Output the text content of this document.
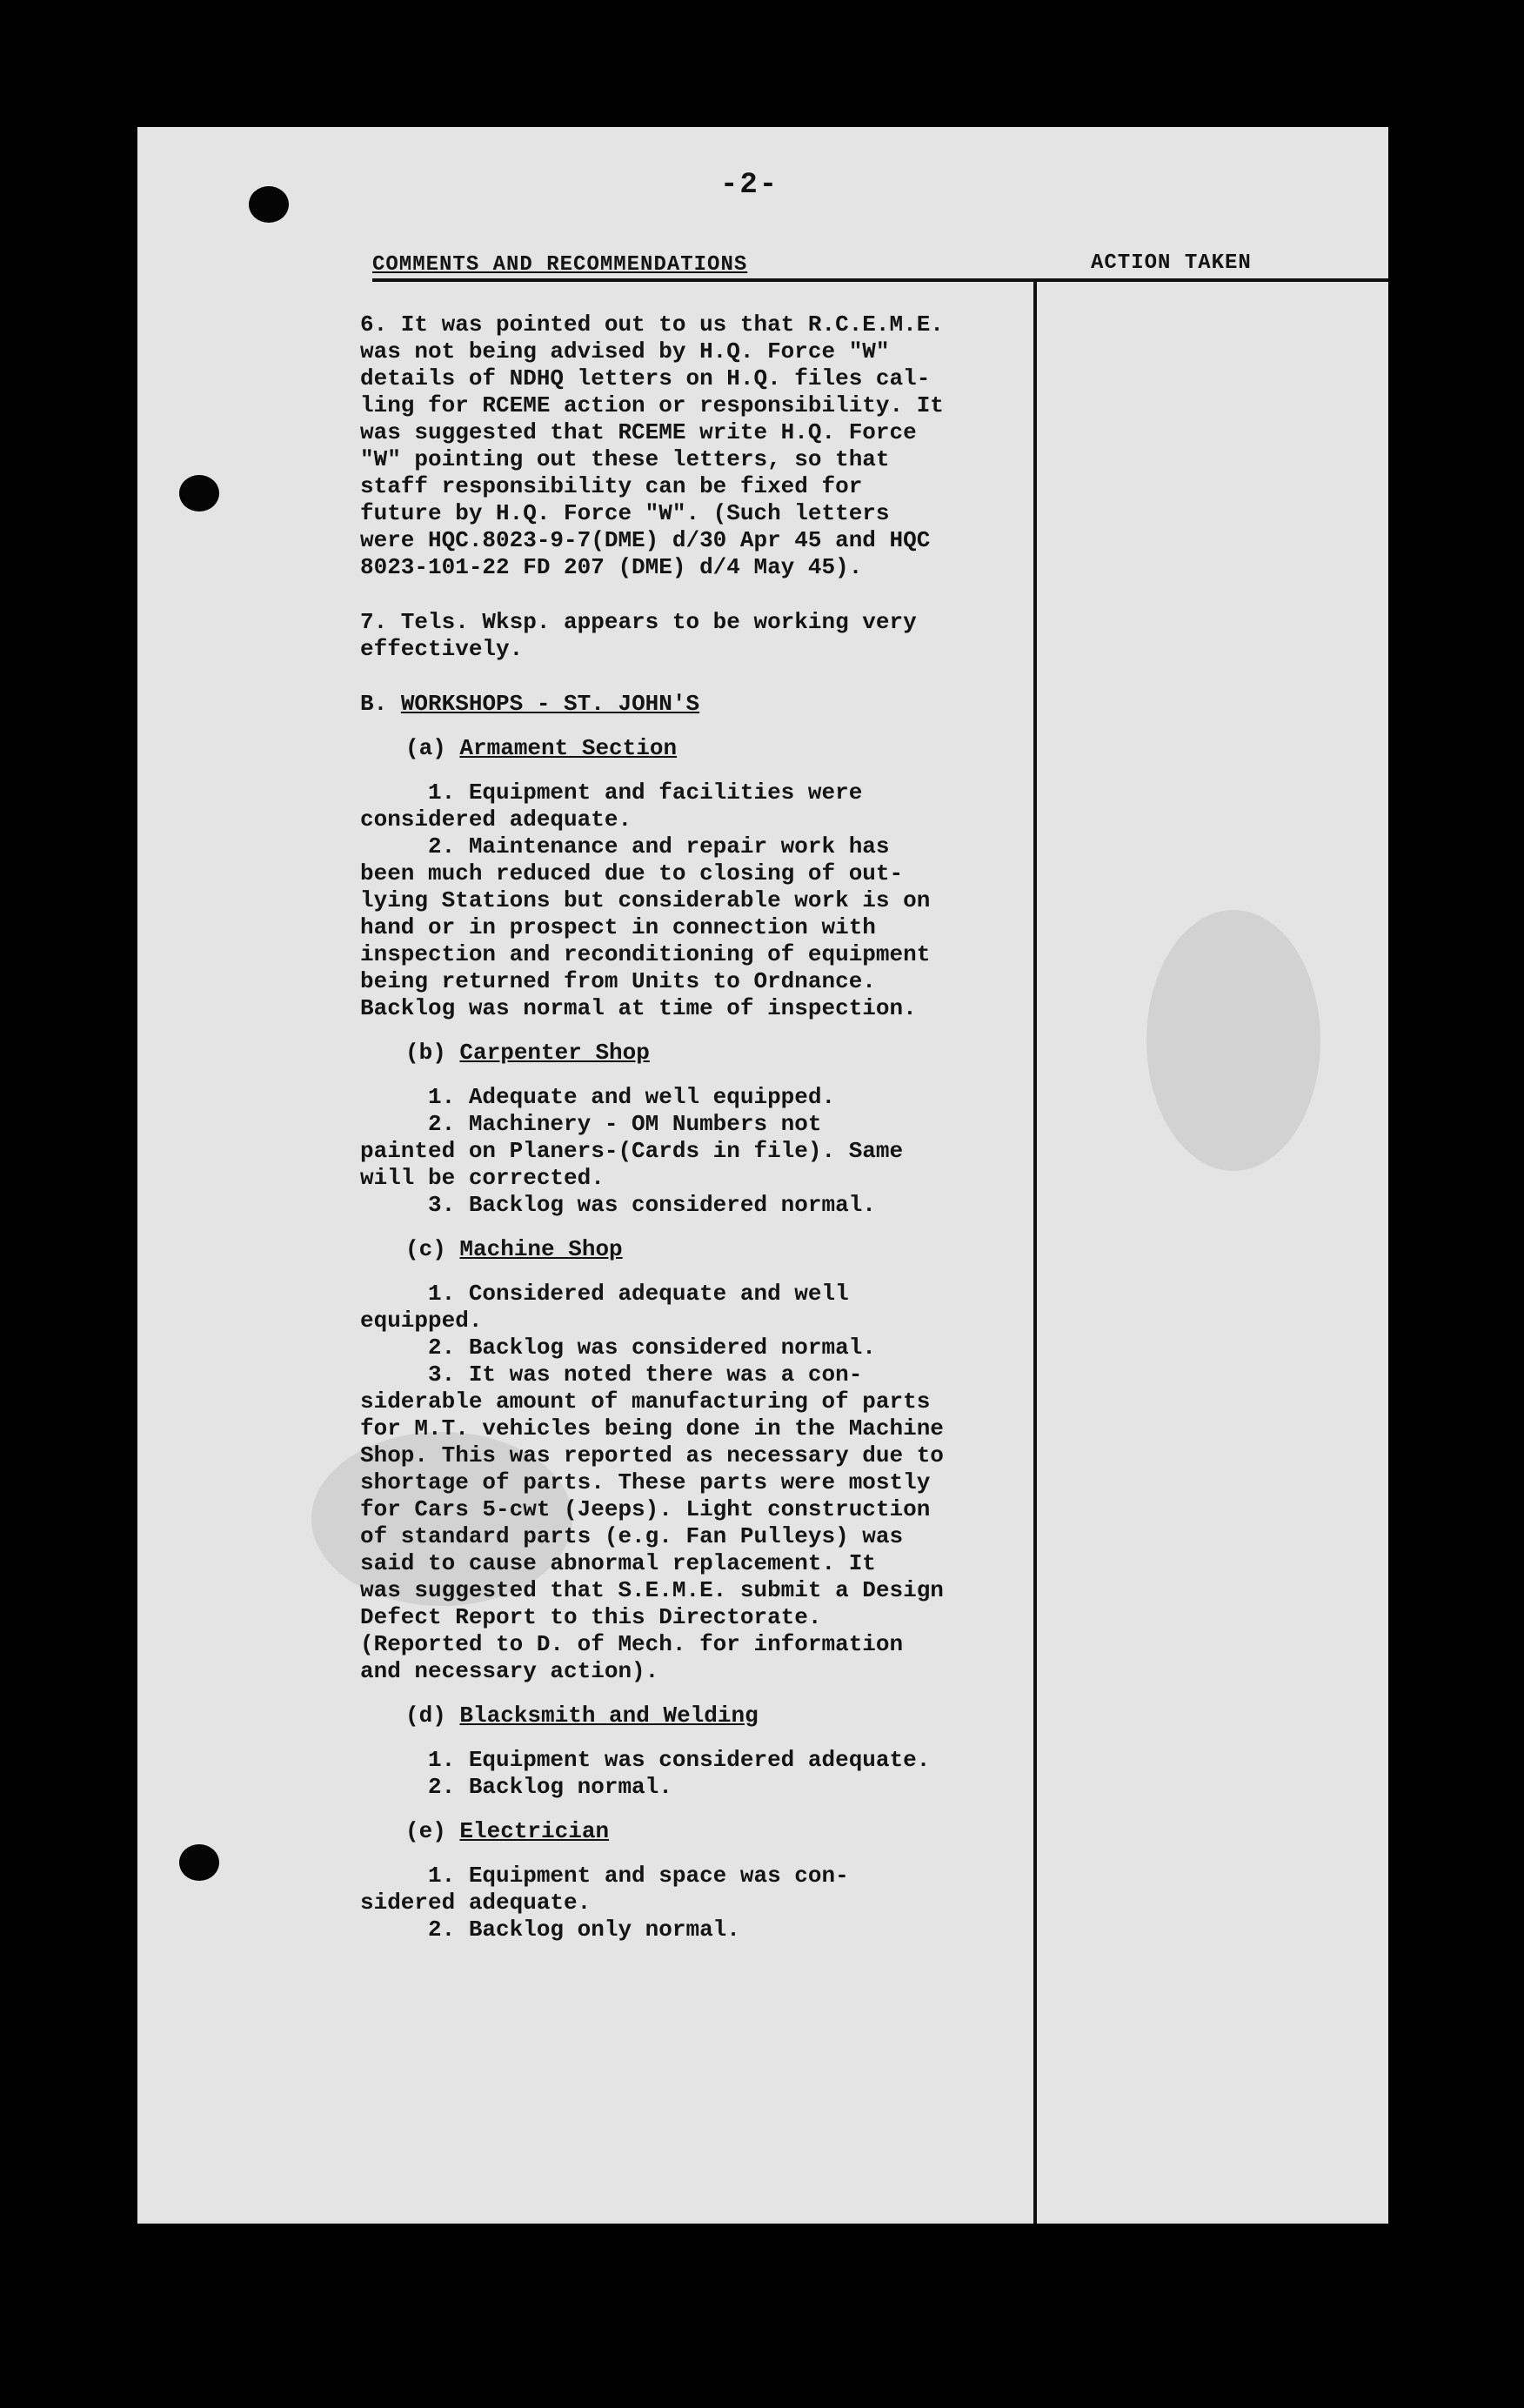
-2-
COMMENTS AND RECOMMENDATIONS	ACTION TAKEN

6. It was pointed out to us that R.C.E.M.E.

was not being advised by H.Q. Force "W"

details of NDHQ letters on H.Q. files cal-

ling for RCEME action or responsibility. It

was suggested that RCEME write H.Q. Force

"W" pointing out these letters, so that

staff responsibility can be fixed for

future by H.Q. Force "W". (Such letters

were HQC.8023-9-7(DME) d/30 Apr 45 and HQC

8023-101-22 FD 207 (DME) d/4 May 45).

7. Tels. Wksp. appears to be working very

effectively.

B. WORKSHOPS - ST. JOHN'S

(a) Armament Section

1. Equipment and facilities were

considered adequate.

2. Maintenance and repair work has

been much reduced due to closing of out-

lying Stations but considerable work is on

hand or in prospect in connection with

inspection and reconditioning of equipment

being returned from Units to Ordnance.

Backlog was normal at time of inspection.

(b) Carpenter Shop

1. Adequate and well equipped.

2. Machinery - OM Numbers not

painted on Planers-(Cards in file). Same

will be corrected.

3. Backlog was considered normal.

(c) Machine Shop

1. Considered adequate and well

equipped.

2. Backlog was considered normal.

3. It was noted there was a con-

siderable amount of manufacturing of parts

for M.T. vehicles being done in the Machine

Shop. This was reported as necessary due to

shortage of parts. These parts were mostly

for Cars 5-cwt (Jeeps). Light construction

of standard parts (e.g. Fan Pulleys) was

said to cause abnormal replacement. It

was suggested that S.E.M.E. submit a Design

Defect Report to this Directorate.

(Reported to D. of Mech. for information

and necessary action).

(d) Blacksmith and Welding

1. Equipment was considered adequate.

2. Backlog normal.

(e) Electrician

1. Equipment and space was con-

sidered adequate.

2. Backlog only normal.
